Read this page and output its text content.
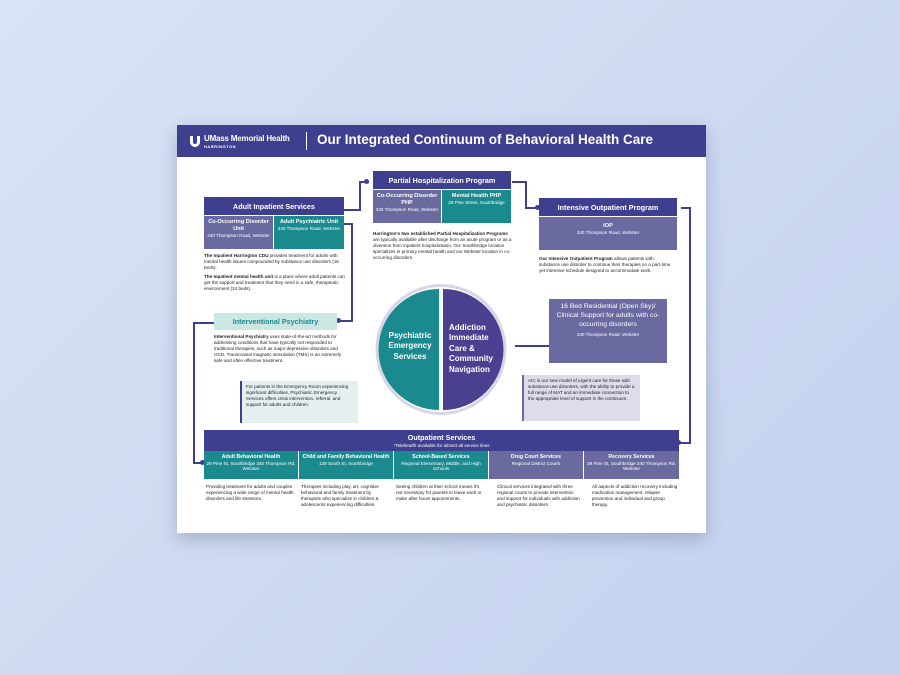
UMass Memorial Health
HARRINGTON	Our Integrated Continuum of Behavioral Health Care
Adult Inpatient Services
Co-Occurring Disorder Unit
340 Thompson Road, Webster
Adult Psychiatric Unit
340 Thompson Road, Webster

The Inpatient Harrington CDU provides treatment for adults with mental health issues compounded by substance use disorders (16 beds).

The Inpatient mental health unit is a place where adult patients can get the support and treatment that they need in a safe, therapeutic environment (24 beds).

Partial Hospitalization Program
Co-Occurring Disorder PHP
340 Thompson Road, Webster
Mental Health PHP
29 Pine Street, Southbridge
Harrington's two established Partial Hospitalization Programs are typically available after discharge from an acute program or as a diversion from inpatient hospitalization. Our Southbridge location specializes in primary mental health and our Webster location in co-occurring disorders.
Intensive Outpatient Program
IOP
340 Thompson Road, Webster
Our Intensive Outpatient Program allows patients with substance use disorder to continue their therapies on a part-time yet intensive schedule designed to accommodate work.
Interventional Psychiatry
Interventional Psychiatry uses state-of-the-art methods for addressing conditions that have typically not responded to traditional therapies, such as major depressive disorders and OCD. Transcranial magnetic stimulation (TMS) is an extremely safe and often effective treatment.
For patients in the Emergency Room experiencing significant difficulties, Psychiatric Emergency Services offers crisis intervention, referral, and support for adults and children.
Psychiatric Emergency Services
Addiction Immediate Care & Community Navigation
16 Bed Residential (Open Sky)/ Clinical Support for adults with co-occurring disorders
340 Thompson Road, Webster
AIC is our new model of urgent care for those with substance use disorders, with the ability to provide a full range of MAT and an immediate connection to the appropriate level of support in the continuum.
Outpatient Services
*Telehealth available for almost all service lines
Adult Behavioral Health
29 Pine St, Southbridge 340 Thompson Rd, Webster
Child and Family Behavioral Health
139 South St, Southbridge
School-Based Services
Regional Elementary, Middle, and High Schools
Drug Court Services
Regional District Courts
Recovery Services
29 Pine St, Southbridge 340 Thompson Rd, Webster
Providing treatment for adults and couples experiencing a wide range of mental health disorders and life stressors.
Therapies including play, art, cognitive behavioral and family treatment by therapists who specialize in children & adolescents experiencing difficulties.
Seeing children at their school means it's not necessary for parents to leave work or make after hours appointments.
Clinical services integrated with three regional courts to provide intervention and support for individuals with addiction and psychiatric disorders.
All aspects of addiction recovery including medication management, relapse prevention and individual and group therapy.
